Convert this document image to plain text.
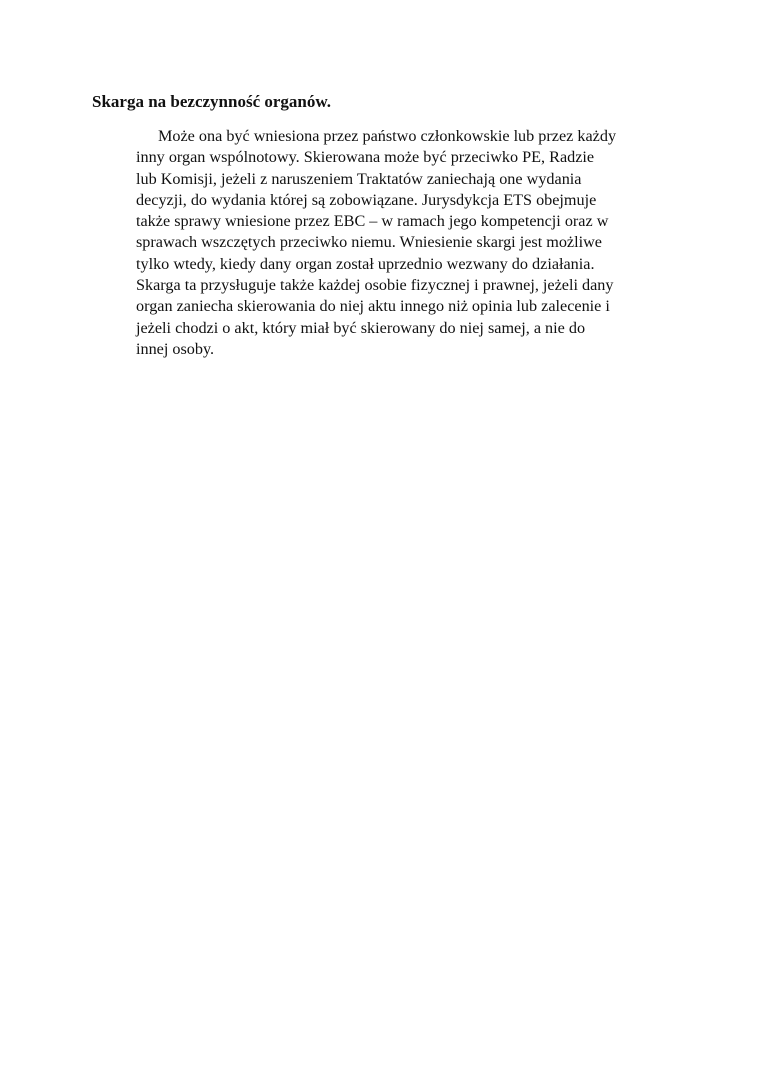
Skarga na bezczynność organów.
Może ona być wniesiona przez państwo członkowskie lub przez każdy
inny organ wspólnotowy. Skierowana może być przeciwko PE, Radzie
lub Komisji, jeżeli z naruszeniem Traktatów zaniechają one wydania
decyzji, do wydania której są zobowiązane. Jurysdykcja ETS obejmuje
także sprawy wniesione przez EBC – w ramach jego kompetencji oraz w
sprawach wszczętych przeciwko niemu. Wniesienie skargi jest możliwe
tylko wtedy, kiedy dany organ został uprzednio wezwany do działania.
Skarga ta przysługuje także każdej osobie fizycznej i prawnej, jeżeli dany
organ zaniecha skierowania do niej aktu innego niż opinia lub zalecenie i
jeżeli chodzi o akt, który miał być skierowany do niej samej, a nie do
innej osoby.
